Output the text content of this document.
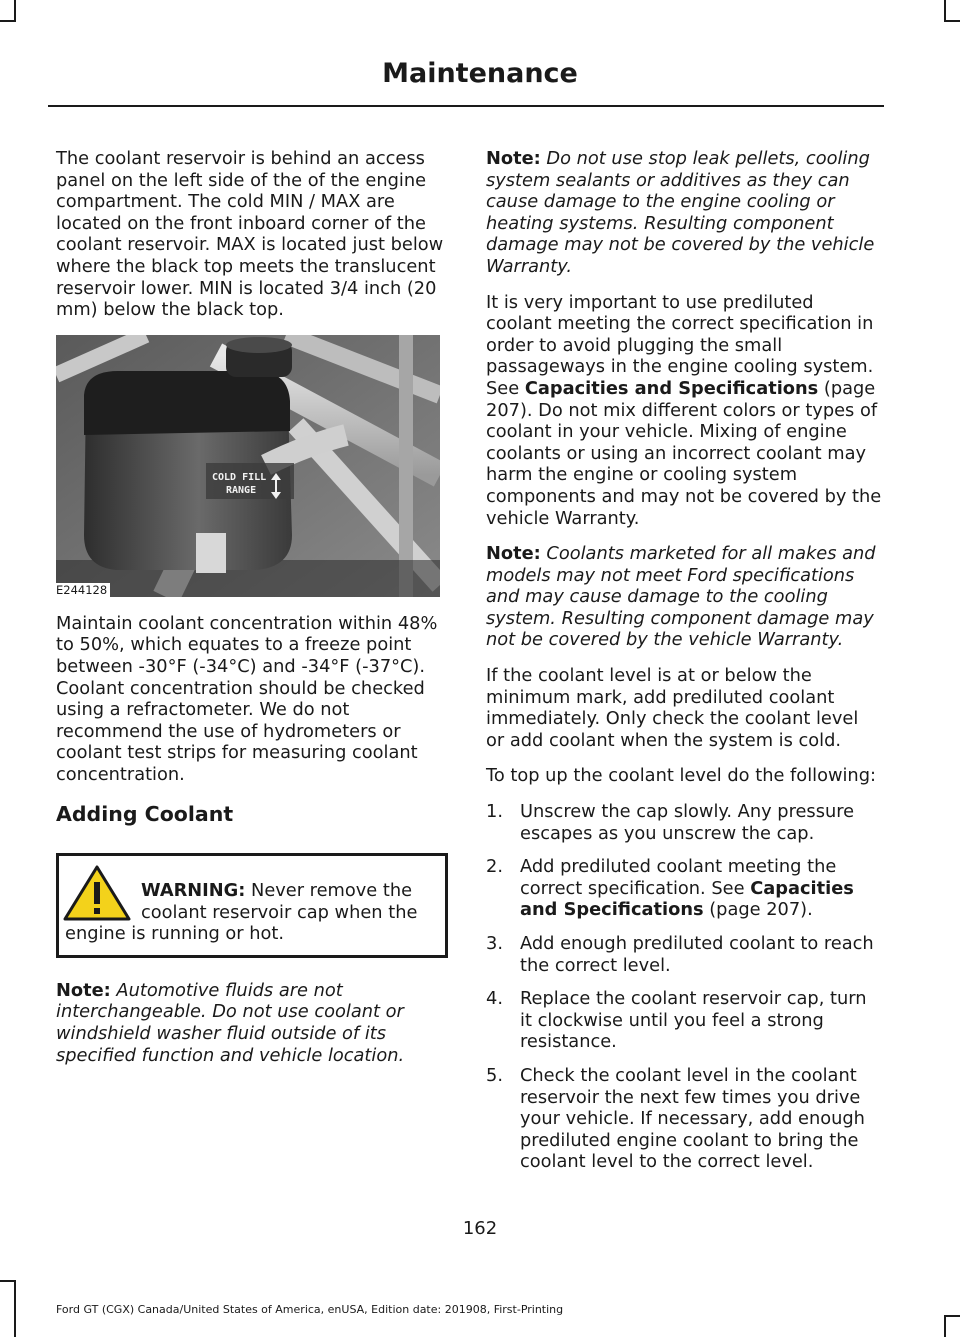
Maintenance

The coolant reservoir is behind an access panel on the left side of the of the engine compartment. The cold MIN / MAX are located on the front inboard corner of the coolant reservoir. MAX is located just below where the black top meets the translucent reservoir lower. MIN is located 3/4 inch (20 mm) below the black top.

COLD FILL
RANGE
E244128

Maintain coolant concentration within 48% to 50%, which equates to a freeze point between -30°F (-34°C) and -34°F (-37°C). Coolant concentration should be checked using a refractometer. We do not recommend the use of hydrometers or coolant test strips for measuring coolant concentration.

Adding Coolant
WARNING: Never remove the coolant reservoir cap when the engine is running or hot.

Note: Automotive fluids are not interchangeable. Do not use coolant or windshield washer fluid outside of its specified function and vehicle location.

Note: Do not use stop leak pellets, cooling system sealants or additives as they can cause damage to the engine cooling or heating systems. Resulting component damage may not be covered by the vehicle Warranty.

It is very important to use prediluted coolant meeting the correct specification in order to avoid plugging the small passageways in the engine cooling system. See Capacities and Specifications (page 207). Do not mix different colors or types of coolant in your vehicle. Mixing of engine coolants or using an incorrect coolant may harm the engine or cooling system components and may not be covered by the vehicle Warranty.

Note: Coolants marketed for all makes and models may not meet Ford specifications and may cause damage to the cooling system. Resulting component damage may not be covered by the vehicle Warranty.

If the coolant level is at or below the minimum mark, add prediluted coolant immediately. Only check the coolant level or add coolant when the system is cold.

To top up the coolant level do the following:

1. Unscrew the cap slowly. Any pressure escapes as you unscrew the cap.
2. Add prediluted coolant meeting the correct specification. See Capacities and Specifications (page 207).
3. Add enough prediluted coolant to reach the correct level.
4. Replace the coolant reservoir cap, turn it clockwise until you feel a strong resistance.
5. Check the coolant level in the coolant reservoir the next few times you drive your vehicle. If necessary, add enough prediluted engine coolant to bring the coolant level to the correct level.
162
Ford GT (CGX) Canada/United States of America, enUSA, Edition date: 201908, First-Printing
